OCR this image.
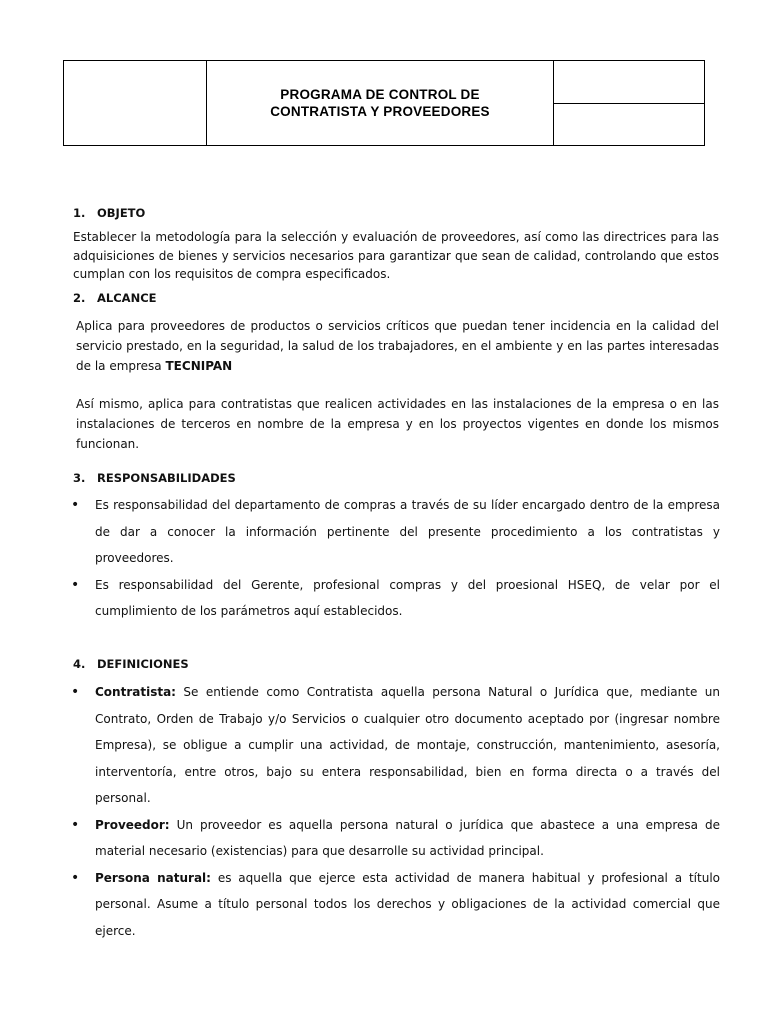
PROGRAMA DE CONTROL DE
CONTRATISTA Y PROVEEDORES
1. OBJETO

Establecer la metodología para la selección y evaluación de proveedores, así como las directrices para las adquisiciones de bienes y servicios necesarios para garantizar que sean de calidad, controlando que estos cumplan con los requisitos de compra especificados.

2. ALCANCE

Aplica para proveedores de productos o servicios críticos que puedan tener incidencia en la calidad del servicio prestado, en la seguridad, la salud de los trabajadores, en el ambiente y en las partes interesadas de la empresa TECNIPAN

Así mismo, aplica para contratistas que realicen actividades en las instalaciones de la empresa o en las instalaciones de terceros en nombre de la empresa y en los proyectos vigentes en donde los mismos funcionan.

3. RESPONSABILIDADES
• Es responsabilidad del departamento de compras a través de su líder encargado dentro de la empresa de dar a conocer la información pertinente del presente procedimiento a los contratistas y proveedores.
• Es responsabilidad del Gerente, profesional compras y del proesional HSEQ, de velar por el cumplimiento de los parámetros aquí establecidos.
4. DEFINICIONES
• Contratista: Se entiende como Contratista aquella persona Natural o Jurídica que, mediante un Contrato, Orden de Trabajo y/o Servicios o cualquier otro documento aceptado por (ingresar nombre Empresa), se obligue a cumplir una actividad, de montaje, construcción, mantenimiento, asesoría, interventoría, entre otros, bajo su entera responsabilidad, bien en forma directa o a través del personal.
• Proveedor: Un proveedor es aquella persona natural o jurídica que abastece a una empresa de material necesario (existencias) para que desarrolle su actividad principal.
• Persona natural: es aquella que ejerce esta actividad de manera habitual y profesional a título personal. Asume a título personal todos los derechos y obligaciones de la actividad comercial que ejerce.
